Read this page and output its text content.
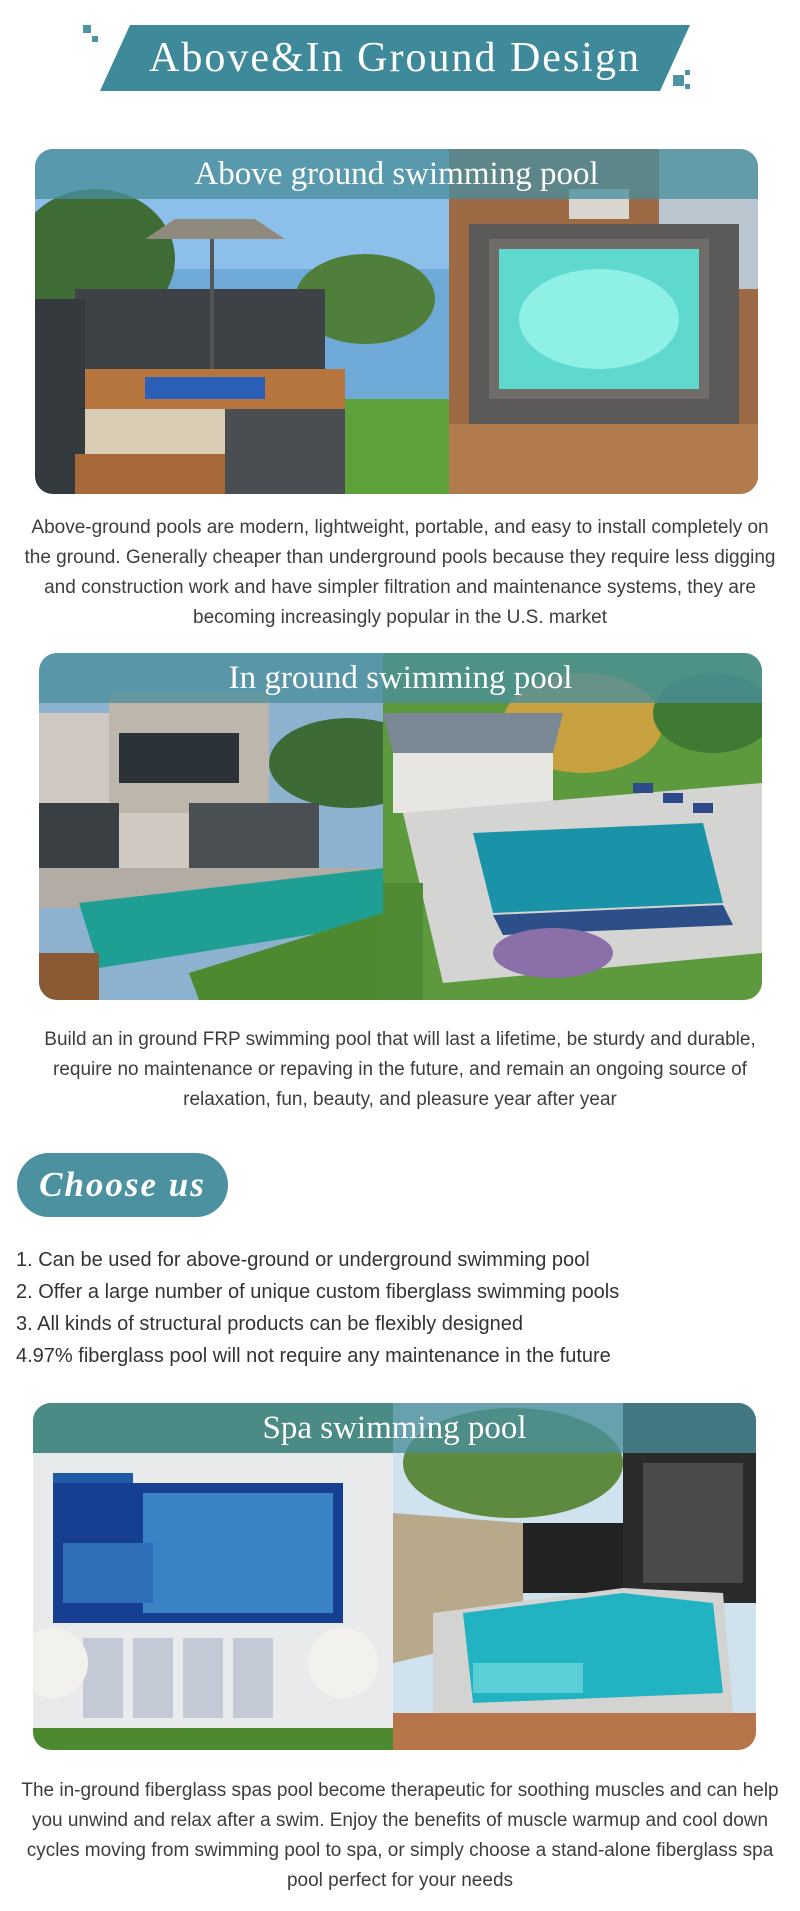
Above&In Ground Design
Above ground swimming pool
Above-ground pools are modern, lightweight, portable, and easy to install completely on the ground. Generally cheaper than underground pools because they require less digging and construction work and have simpler filtration and maintenance systems, they are becoming increasingly popular in the U.S. market
In ground swimming pool
Build an in ground FRP swimming pool that will last a lifetime, be sturdy and durable, require no maintenance or repaving in the future, and remain an ongoing source of relaxation, fun, beauty, and pleasure year after year
Choose us
1. Can be used for above-ground or underground swimming pool
2. Offer a large number of unique custom fiberglass swimming pools
3. All kinds of structural products can be flexibly designed
4.97% fiberglass pool will not require any maintenance in the future
Spa swimming pool
The in-ground fiberglass spas pool become therapeutic for soothing muscles and can help you unwind and relax after a swim. Enjoy the benefits of muscle warmup and cool down cycles moving from swimming pool to spa, or simply choose a stand-alone fiberglass spa pool perfect for your needs
